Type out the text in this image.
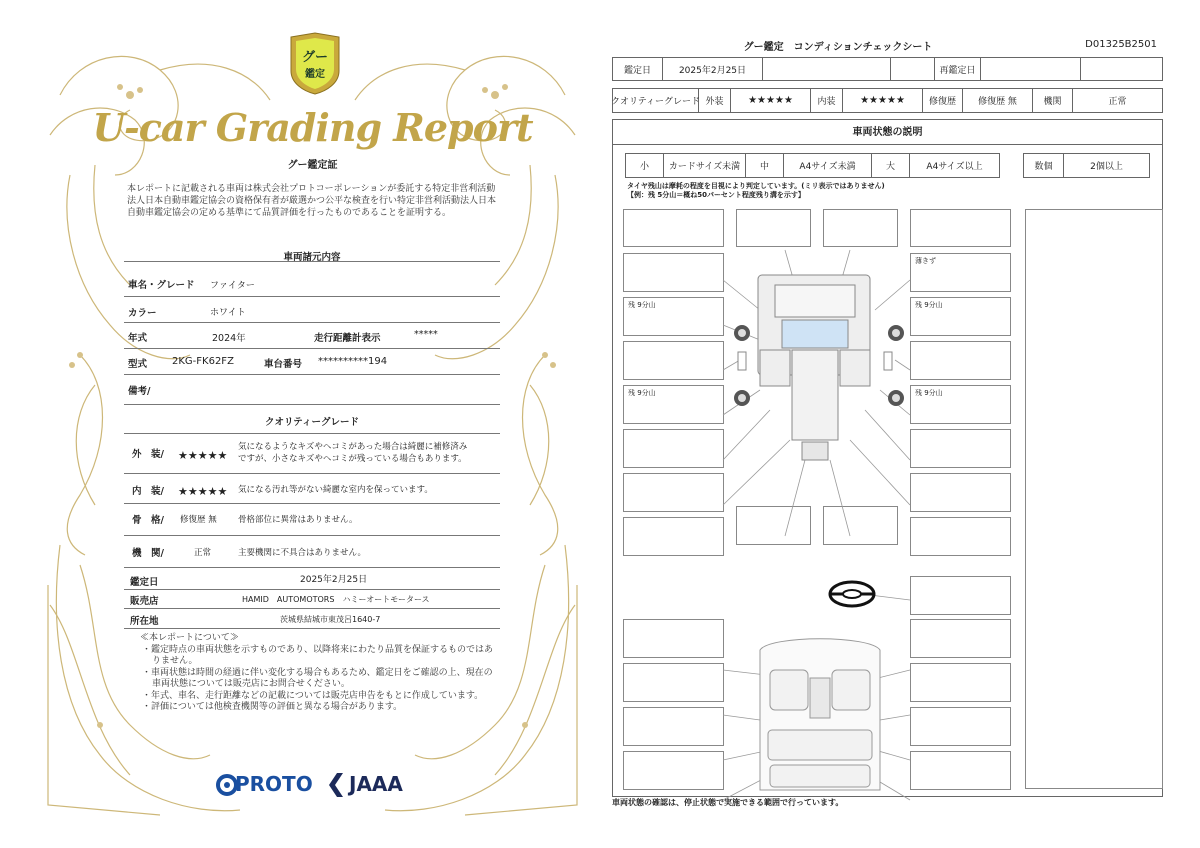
グー
鑑定
U-car Grading Report
グー鑑定証
本レポートに記載される車両は株式会社プロトコーポレーションが委託する特定非営利活動法人日本自動車鑑定協会の資格保有者が厳選かつ公平な検査を行い特定非営利活動法人日本自動車鑑定協会の定める基準にて品質評価を行ったものであることを証明する。
車両諸元内容
車名・グレード ファイター
カラー	ホワイト
年式	2024年	走行距離計表示	*****
型式 2KG-FK62FZ	車台番号 **********194
備考/
クオリティーグレード
外　装/ ★★★★★
気になるようなキズやヘコミがあった場合は綺麗に補修済み
ですが、小さなキズやヘコミが残っている場合もあります。
内　装/ ★★★★★ 気になる汚れ等がない綺麗な室内を保っています。
骨　格/ 修復歴 無	骨格部位に異常はありません。
機　関/	正常	主要機関に不具合はありません。
鑑定日	2025年2月25日
販売店	HAMID　AUTOMOTORS　ハミーオートモータース
所在地	茨城県結城市東茂呂1640-7
≪本レポートについて≫
・鑑定時点の車両状態を示すものであり、以降将来にわたり品質を保証するものではありません。
・車両状態は時間の経過に伴い変化する場合もあるため、鑑定日をご確認の上、現在の車両状態については販売店にお問合せください。
・年式、車名、走行距離などの記載については販売店申告をもとに作成しています。
・評価については他検査機関等の評価と異なる場合があります。
PROTO JAAA
グー鑑定　コンディションチェックシート	D01325B2501
鑑定日	2025年2月25日	再鑑定日
クオリティーグレード 外装	★★★★★	内装	★★★★★	修復歴	修復歴 無	機関	正常
車両状態の説明
小	カードサイズ未満	中	A4サイズ未満	大	A4サイズ以上	数個	2個以上
タイヤ残山は摩耗の程度を目視により判定しています。(ミリ表示ではありません)
【例：残 5分山＝概ね50パーセント程度残り溝を示す】
残 9分山
残 9分山
薄きず
残 9分山
残 9分山
車両状態の確認は、停止状態で実施できる範囲で行っています。
